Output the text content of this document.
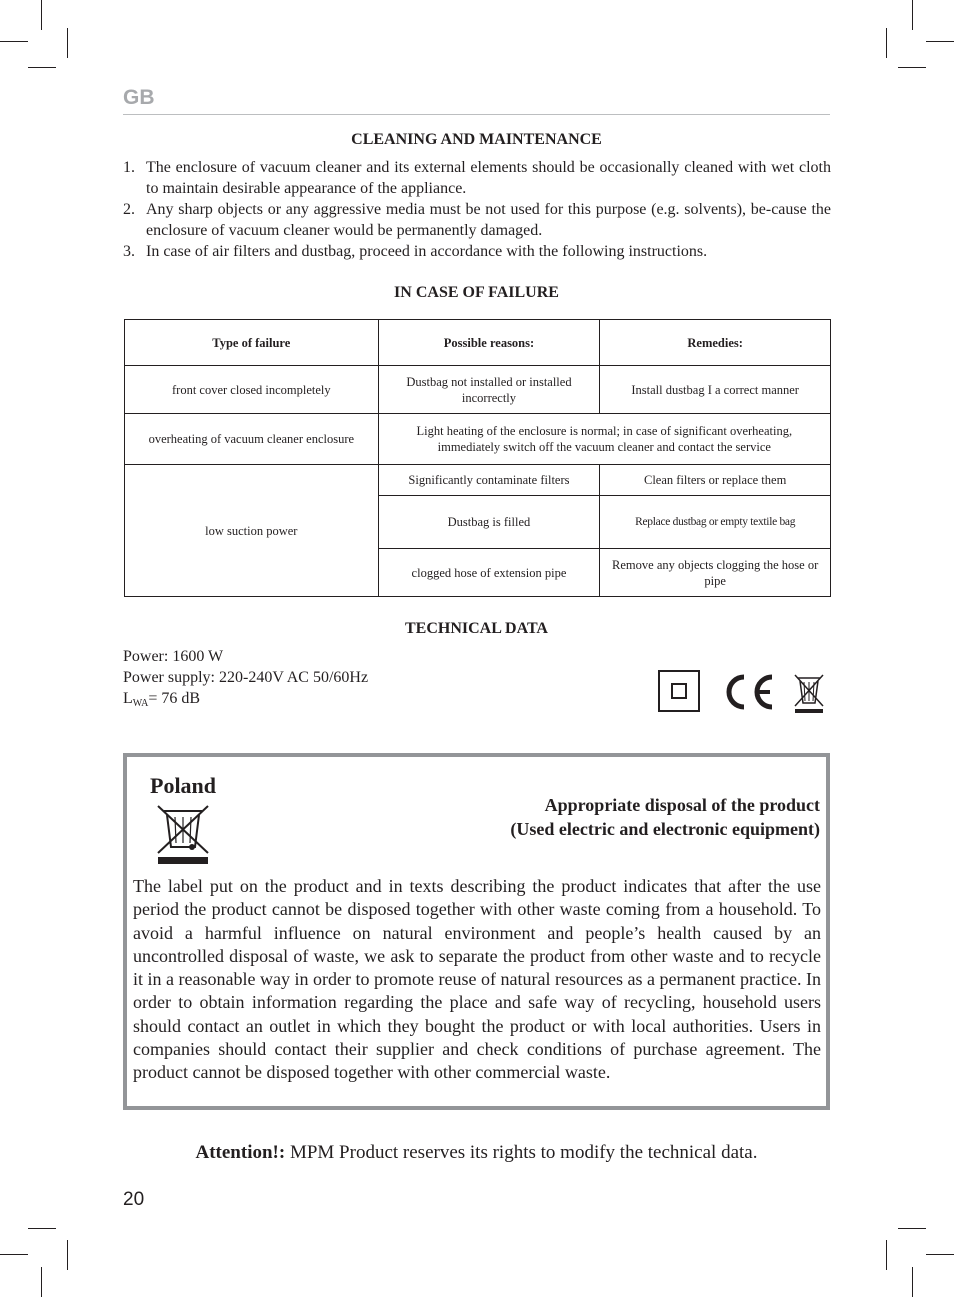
GB
CLEANING AND MAINTENANCE
1. The enclosure of vacuum cleaner and its external elements should be occasionally cleaned with wet cloth to maintain desirable appearance of the appliance.
2. Any sharp objects or any aggressive media must be not used for this purpose (e.g. solvents), be-cause the enclosure of vacuum cleaner would be permanently damaged.
3. In case of air filters and dustbag, proceed in accordance with the following instructions.
IN CASE OF FAILURE
Type of failure	Possible reasons:	Remedies:
front cover closed incompletely	Dustbag not installed or installed incorrectly	Install dustbag I a correct manner
overheating of vacuum cleaner enclosure	Light heating of the enclosure is normal; in case of significant overheating, immediately switch off the vacuum cleaner and contact the service	
low suction power	Significantly contaminate filters	Clean filters or replace them
	Dustbag is filled	Replace dustbag or empty textile bag
	clogged hose of extension pipe	Remove any objects clogging the hose or pipe
TECHNICAL DATA
Power: 1600 W
Power supply: 220-240V AC 50/60Hz
$L_{WA}= 76$ dB
Poland
Appropriate disposal of the product
(Used electric and electronic equipment)
The label put on the product and in texts describing the product indicates that after the use period the product cannot be disposed together with other waste coming from a household. To avoid a harmful influence on natural environment and people’s health caused by an uncontrolled disposal of waste, we ask to separate the product from other waste and to recycle it in a reasonable way in order to promote reuse of natural resources as a permanent practice. In order to obtain information regarding the place and safe way of recycling, household users should contact an outlet in which they bought the product or with local authorities. Users in companies should contact their supplier and check conditions of purchase agreement. The product cannot be disposed together with other commercial waste.
Attention!: MPM Product reserves its rights to modify the technical data.
20
